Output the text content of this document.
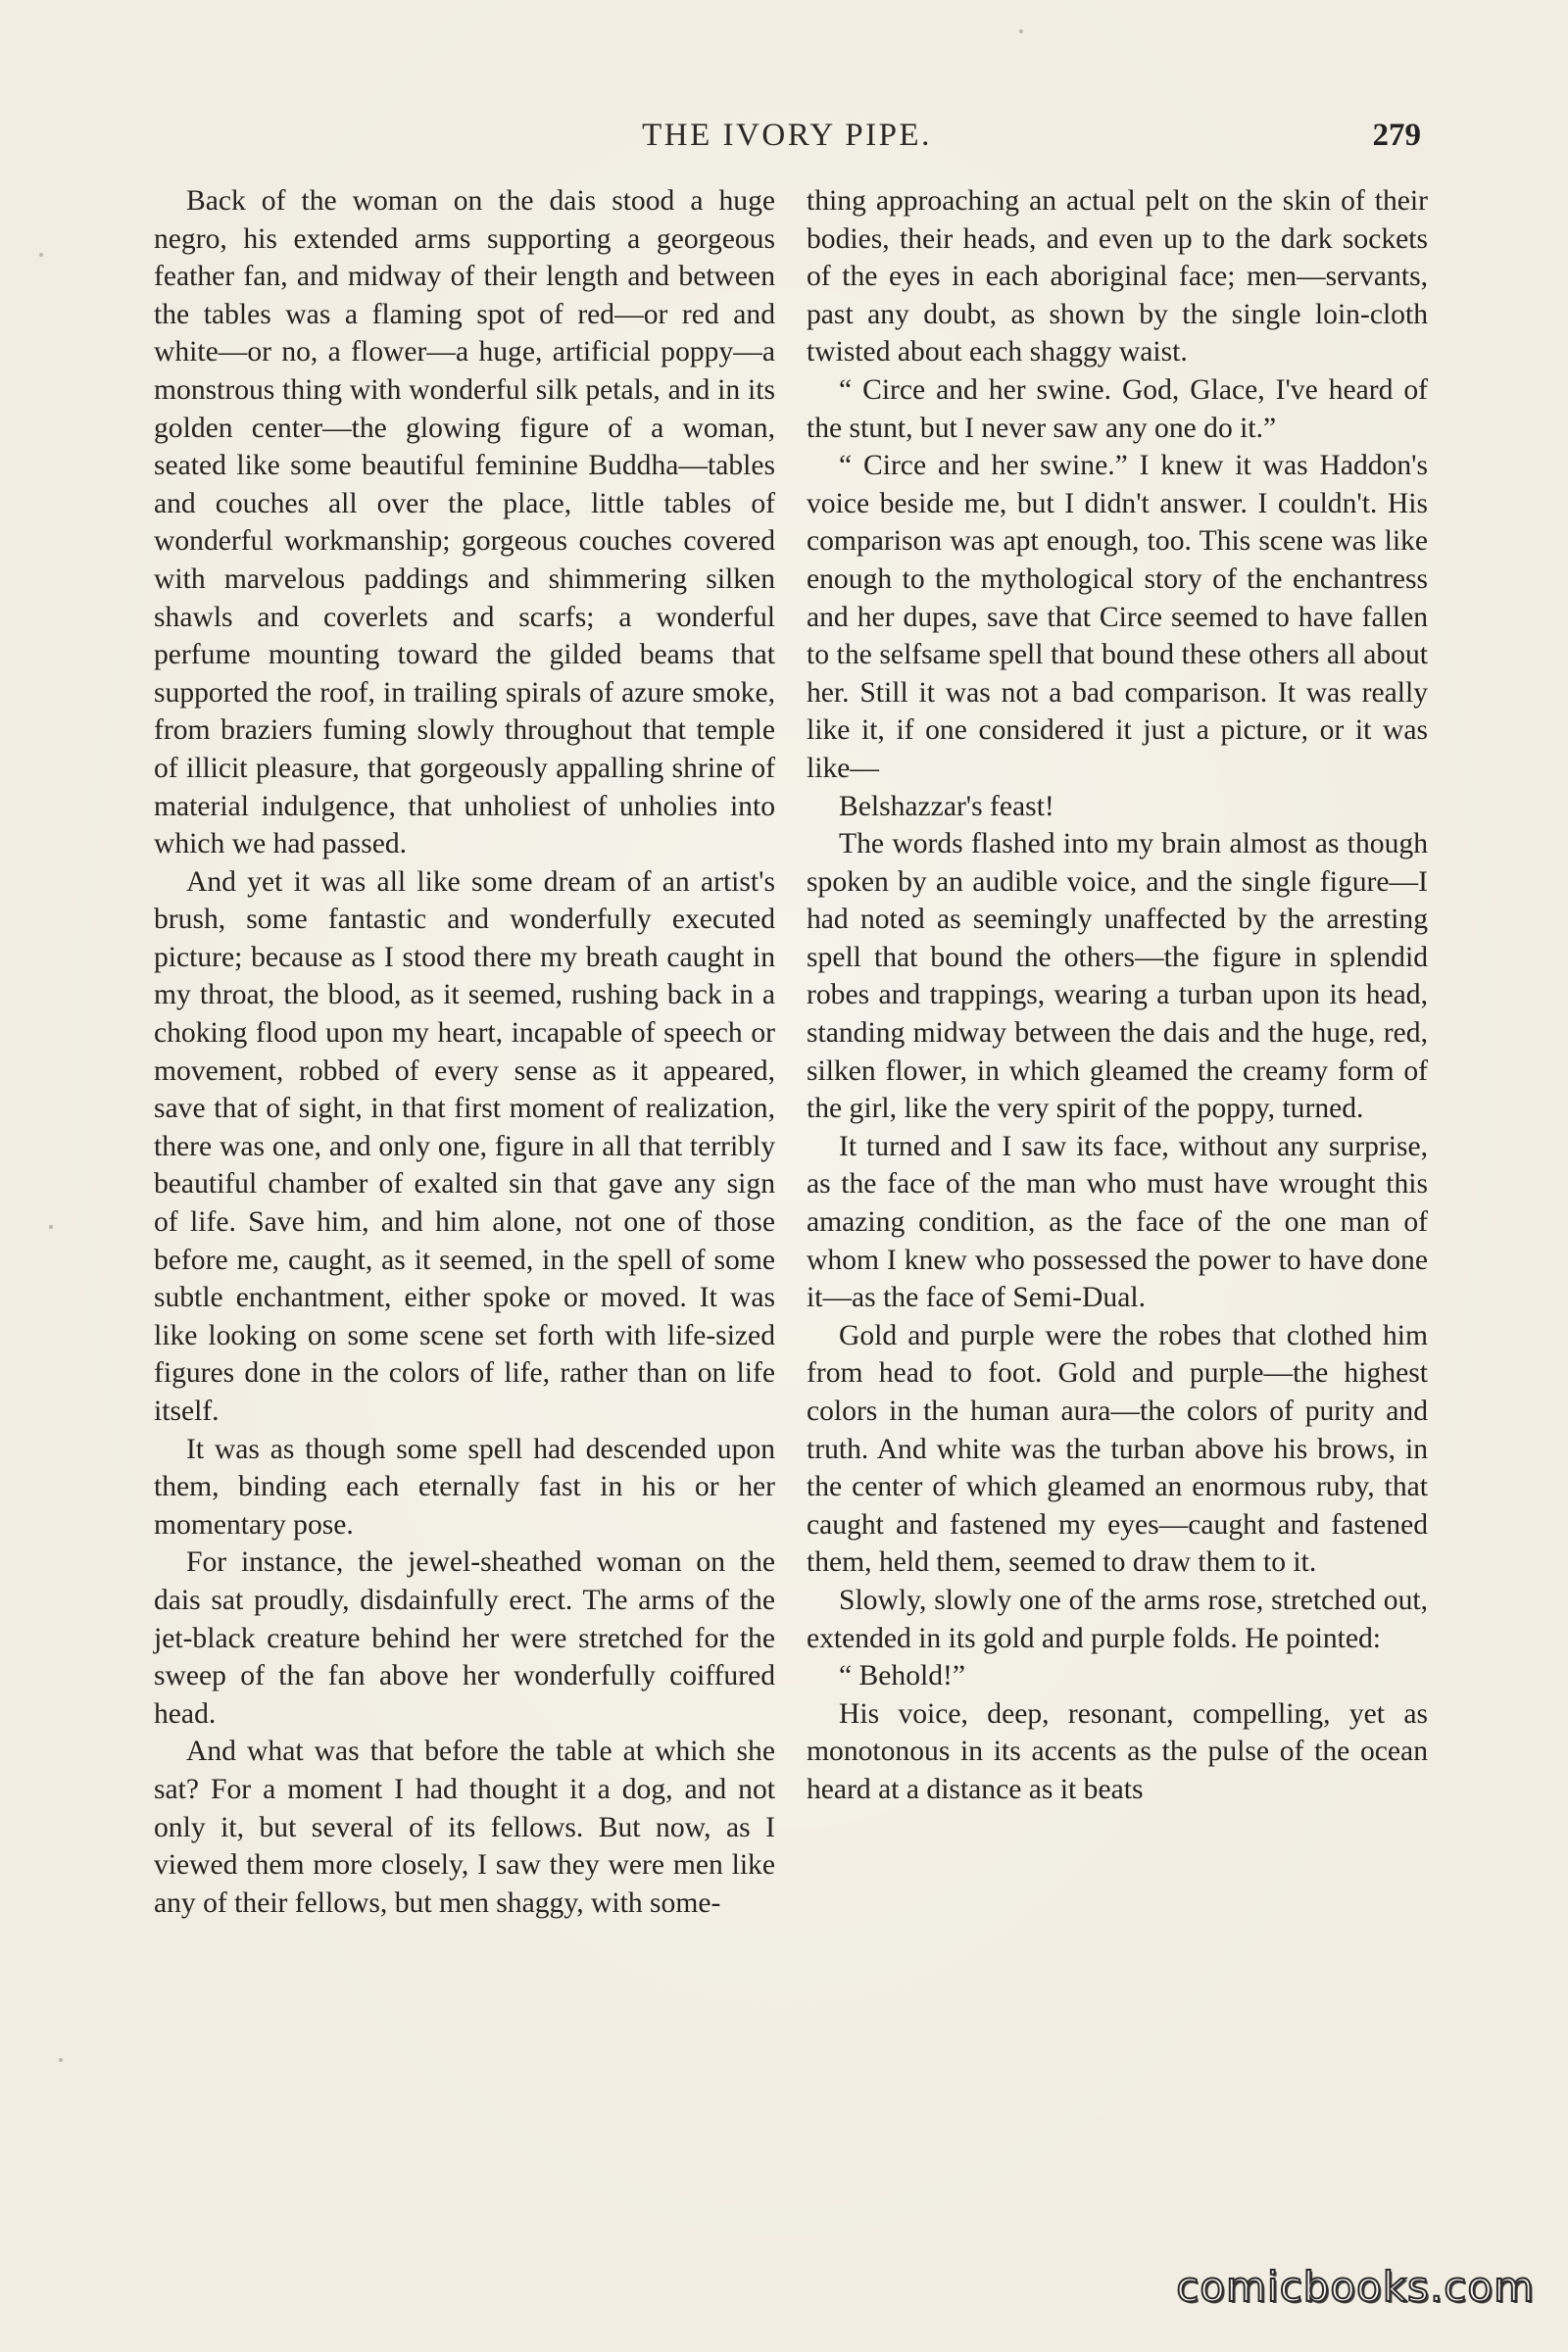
THE IVORY PIPE.	279

Back of the woman on the dais stood a huge negro, his extended arms supporting a georgeous feather fan, and midway of their length and between the tables was a flaming spot of red—or red and white—or no, a flower—a huge, artificial poppy—a monstrous thing with wonderful silk petals, and in its golden center—the glowing figure of a woman, seated like some beautiful feminine Buddha—tables and couches all over the place, little tables of wonderful workmanship; gorgeous couches covered with marvelous paddings and shimmering silken shawls and coverlets and scarfs; a wonderful perfume mounting toward the gilded beams that supported the roof, in trailing spirals of azure smoke, from braziers fuming slowly throughout that temple of illicit pleasure, that gorgeously appalling shrine of material indulgence, that unholiest of unholies into which we had passed.

And yet it was all like some dream of an artist's brush, some fantastic and wonderfully executed picture; because as I stood there my breath caught in my throat, the blood, as it seemed, rushing back in a choking flood upon my heart, incapable of speech or movement, robbed of every sense as it appeared, save that of sight, in that first moment of realization, there was one, and only one, figure in all that terribly beautiful chamber of exalted sin that gave any sign of life. Save him, and him alone, not one of those before me, caught, as it seemed, in the spell of some subtle enchantment, either spoke or moved. It was like looking on some scene set forth with life-sized figures done in the colors of life, rather than on life itself.

It was as though some spell had descended upon them, binding each eternally fast in his or her momentary pose.

For instance, the jewel-sheathed woman on the dais sat proudly, disdainfully erect. The arms of the jet-black creature behind her were stretched for the sweep of the fan above her wonderfully coiffured head.

And what was that before the table at which she sat? For a moment I had thought it a dog, and not only it, but several of its fellows. But now, as I viewed them more closely, I saw they were men like any of their fellows, but men shaggy, with some-

thing approaching an actual pelt on the skin of their bodies, their heads, and even up to the dark sockets of the eyes in each aboriginal face; men—servants, past any doubt, as shown by the single loin-cloth twisted about each shaggy waist.

“ Circe and her swine. God, Glace, I've heard of the stunt, but I never saw any one do it.”

“ Circe and her swine.” I knew it was Haddon's voice beside me, but I didn't answer. I couldn't. His comparison was apt enough, too. This scene was like enough to the mythological story of the enchantress and her dupes, save that Circe seemed to have fallen to the selfsame spell that bound these others all about her. Still it was not a bad comparison. It was really like it, if one considered it just a picture, or it was like—

Belshazzar's feast!

The words flashed into my brain almost as though spoken by an audible voice, and the single figure—I had noted as seemingly unaffected by the arresting spell that bound the others—the figure in splendid robes and trappings, wearing a turban upon its head, standing midway between the dais and the huge, red, silken flower, in which gleamed the creamy form of the girl, like the very spirit of the poppy, turned.

It turned and I saw its face, without any surprise, as the face of the man who must have wrought this amazing condition, as the face of the one man of whom I knew who possessed the power to have done it—as the face of Semi-Dual.

Gold and purple were the robes that clothed him from head to foot. Gold and purple—the highest colors in the human aura—the colors of purity and truth. And white was the turban above his brows, in the center of which gleamed an enormous ruby, that caught and fastened my eyes—caught and fastened them, held them, seemed to draw them to it.

Slowly, slowly one of the arms rose, stretched out, extended in its gold and purple folds. He pointed:

“ Behold!”

His voice, deep, resonant, compelling, yet as monotonous in its accents as the pulse of the ocean heard at a distance as it beats

comicbooks.com
